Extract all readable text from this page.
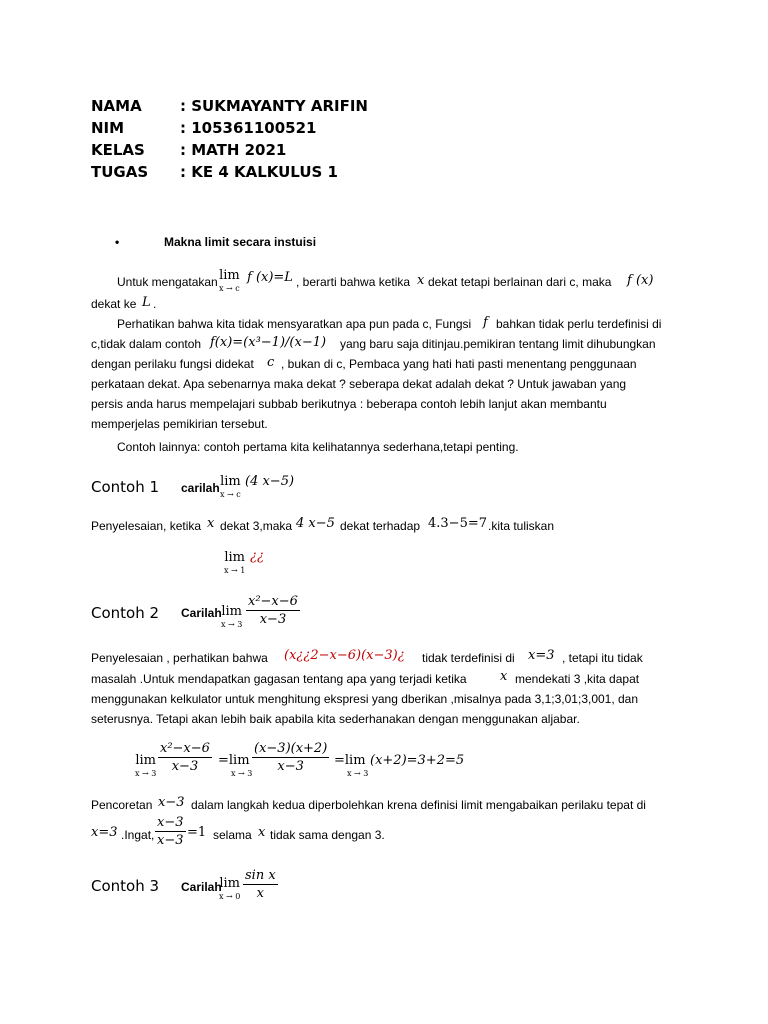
NAMA	: SUKMAYANTY ARIFIN
NIM	: 105361100521
KELAS : MATH 2021
TUGAS : KE 4 KALKULUS 1
•	Makna limit secara instuisi
Untuk mengatakan lim
x → c
f (x)=L , berarti bahwa ketika x dekat tetapi berlainan dari c, maka f (x)
dekat ke L .
Perhatikan bahwa kita tidak mensyaratkan apa pun pada c, Fungsi f bahkan tidak perlu terdefinisi di
c,tidak dalam contoh f(x)=(x³−1)/(x−1) yang baru saja ditinjau.pemikiran tentang limit dihubungkan
dengan perilaku fungsi didekat c , bukan di c, Pembaca yang hati hati pasti menentang penggunaan
perkataan dekat. Apa sebenarnya maka dekat ? seberapa dekat adalah dekat ? Untuk jawaban yang
persis anda harus mempelajari subbab berikutnya : beberapa contoh lebih lanjut akan membantu
memperjelas pemikirian tersebut.
Contoh lainnya: contoh pertama kita kelihatannya sederhana,tetapi penting.
Contoh 1 carilah lim
x → c
(4 x−5)
Penyelesaian, ketika x dekat 3,maka 4 x−5 dekat terhadap 4.3−5=7 .kita tuliskan
lim
x → 1
¿¿
Contoh 2 Carilah lim
x → 3
x²−x−6
x−3
Penyelesaian , perhatikan bahwa (x¿¿2−x−6)(x−3)¿ tidak terdefinisi di x=3 , tetapi itu tidak
masalah .Untuk mendapatkan gagasan tentang apa yang terjadi ketika	x mendekati 3 ,kita dapat
menggunakan kelkulator untuk menghitung ekspresi yang dberikan ,misalnya pada 3,1;3,01;3,001, dan
seterusnya. Tetapi akan lebih baik apabila kita sederhanakan dengan menggunakan aljabar.
lim
x → 3
x²−x−6
x−3	=lim
x → 3
(x−3)(x+2)
x−3	=lim
x → 3
(x+2)=3+2=5
Pencoretan x−3 dalam langkah kedua diperbolehkan krena definisi limit mengabaikan perilaku tepat di
x=3 .Ingat,
x−3
x−3
=1 selama x tidak sama dengan 3.
Contoh 3 Carilah
lim
x → 0
sin x
x
